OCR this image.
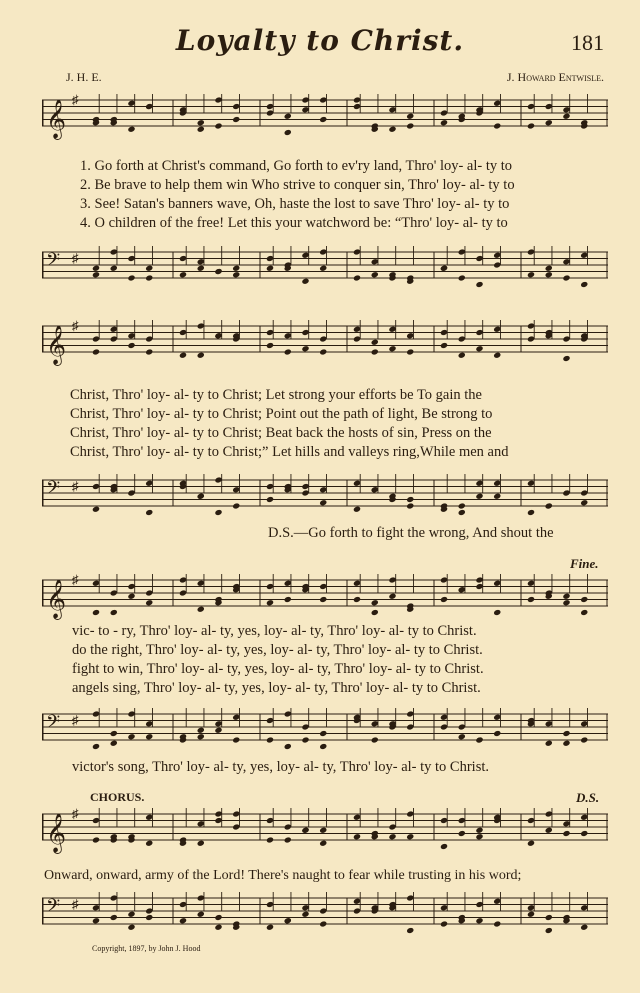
Loyalty to Christ.	181
J. H. E.	J. Howard Entwisle.
𝄞 ♯
1. Go forth at Christ's command, Go forth to ev'ry land, Thro' loy- al- ty to
2. Be brave to help them win Who strive to conquer sin, Thro' loy- al- ty to
3. See! Satan's banners wave, Oh, haste the lost to save Thro' loy- al- ty to
4. O children of the free! Let this your watchword be: “Thro' loy- al- ty to
𝄢 ♯
𝄞 ♯
Christ, Thro' loy- al- ty to Christ; Let strong your efforts be To gain the
Christ, Thro' loy- al- ty to Christ; Point out the path of light, Be strong to
Christ, Thro' loy- al- ty to Christ; Beat back the hosts of sin, Press on the
Christ, Thro' loy- al- ty to Christ;” Let hills and valleys ring,While men and
𝄢 ♯
D.S.—Go forth to fight the wrong, And shout the
Fine.
𝄞 ♯
vic- to - ry, Thro' loy- al- ty, yes, loy- al- ty, Thro' loy- al- ty to Christ.
do the right, Thro' loy- al- ty, yes, loy- al- ty, Thro' loy- al- ty to Christ.
fight to win, Thro' loy- al- ty, yes, loy- al- ty, Thro' loy- al- ty to Christ.
angels sing, Thro' loy- al- ty, yes, loy- al- ty, Thro' loy- al- ty to Christ.
𝄢 ♯
victor's song, Thro' loy- al- ty, yes, loy- al- ty, Thro' loy- al- ty to Christ.
CHORUS.	D.S.
𝄞 ♯
Onward, onward, army of the Lord! There's naught to fear while trusting in his word;
𝄢 ♯
Copyright, 1897, by John J. Hood
